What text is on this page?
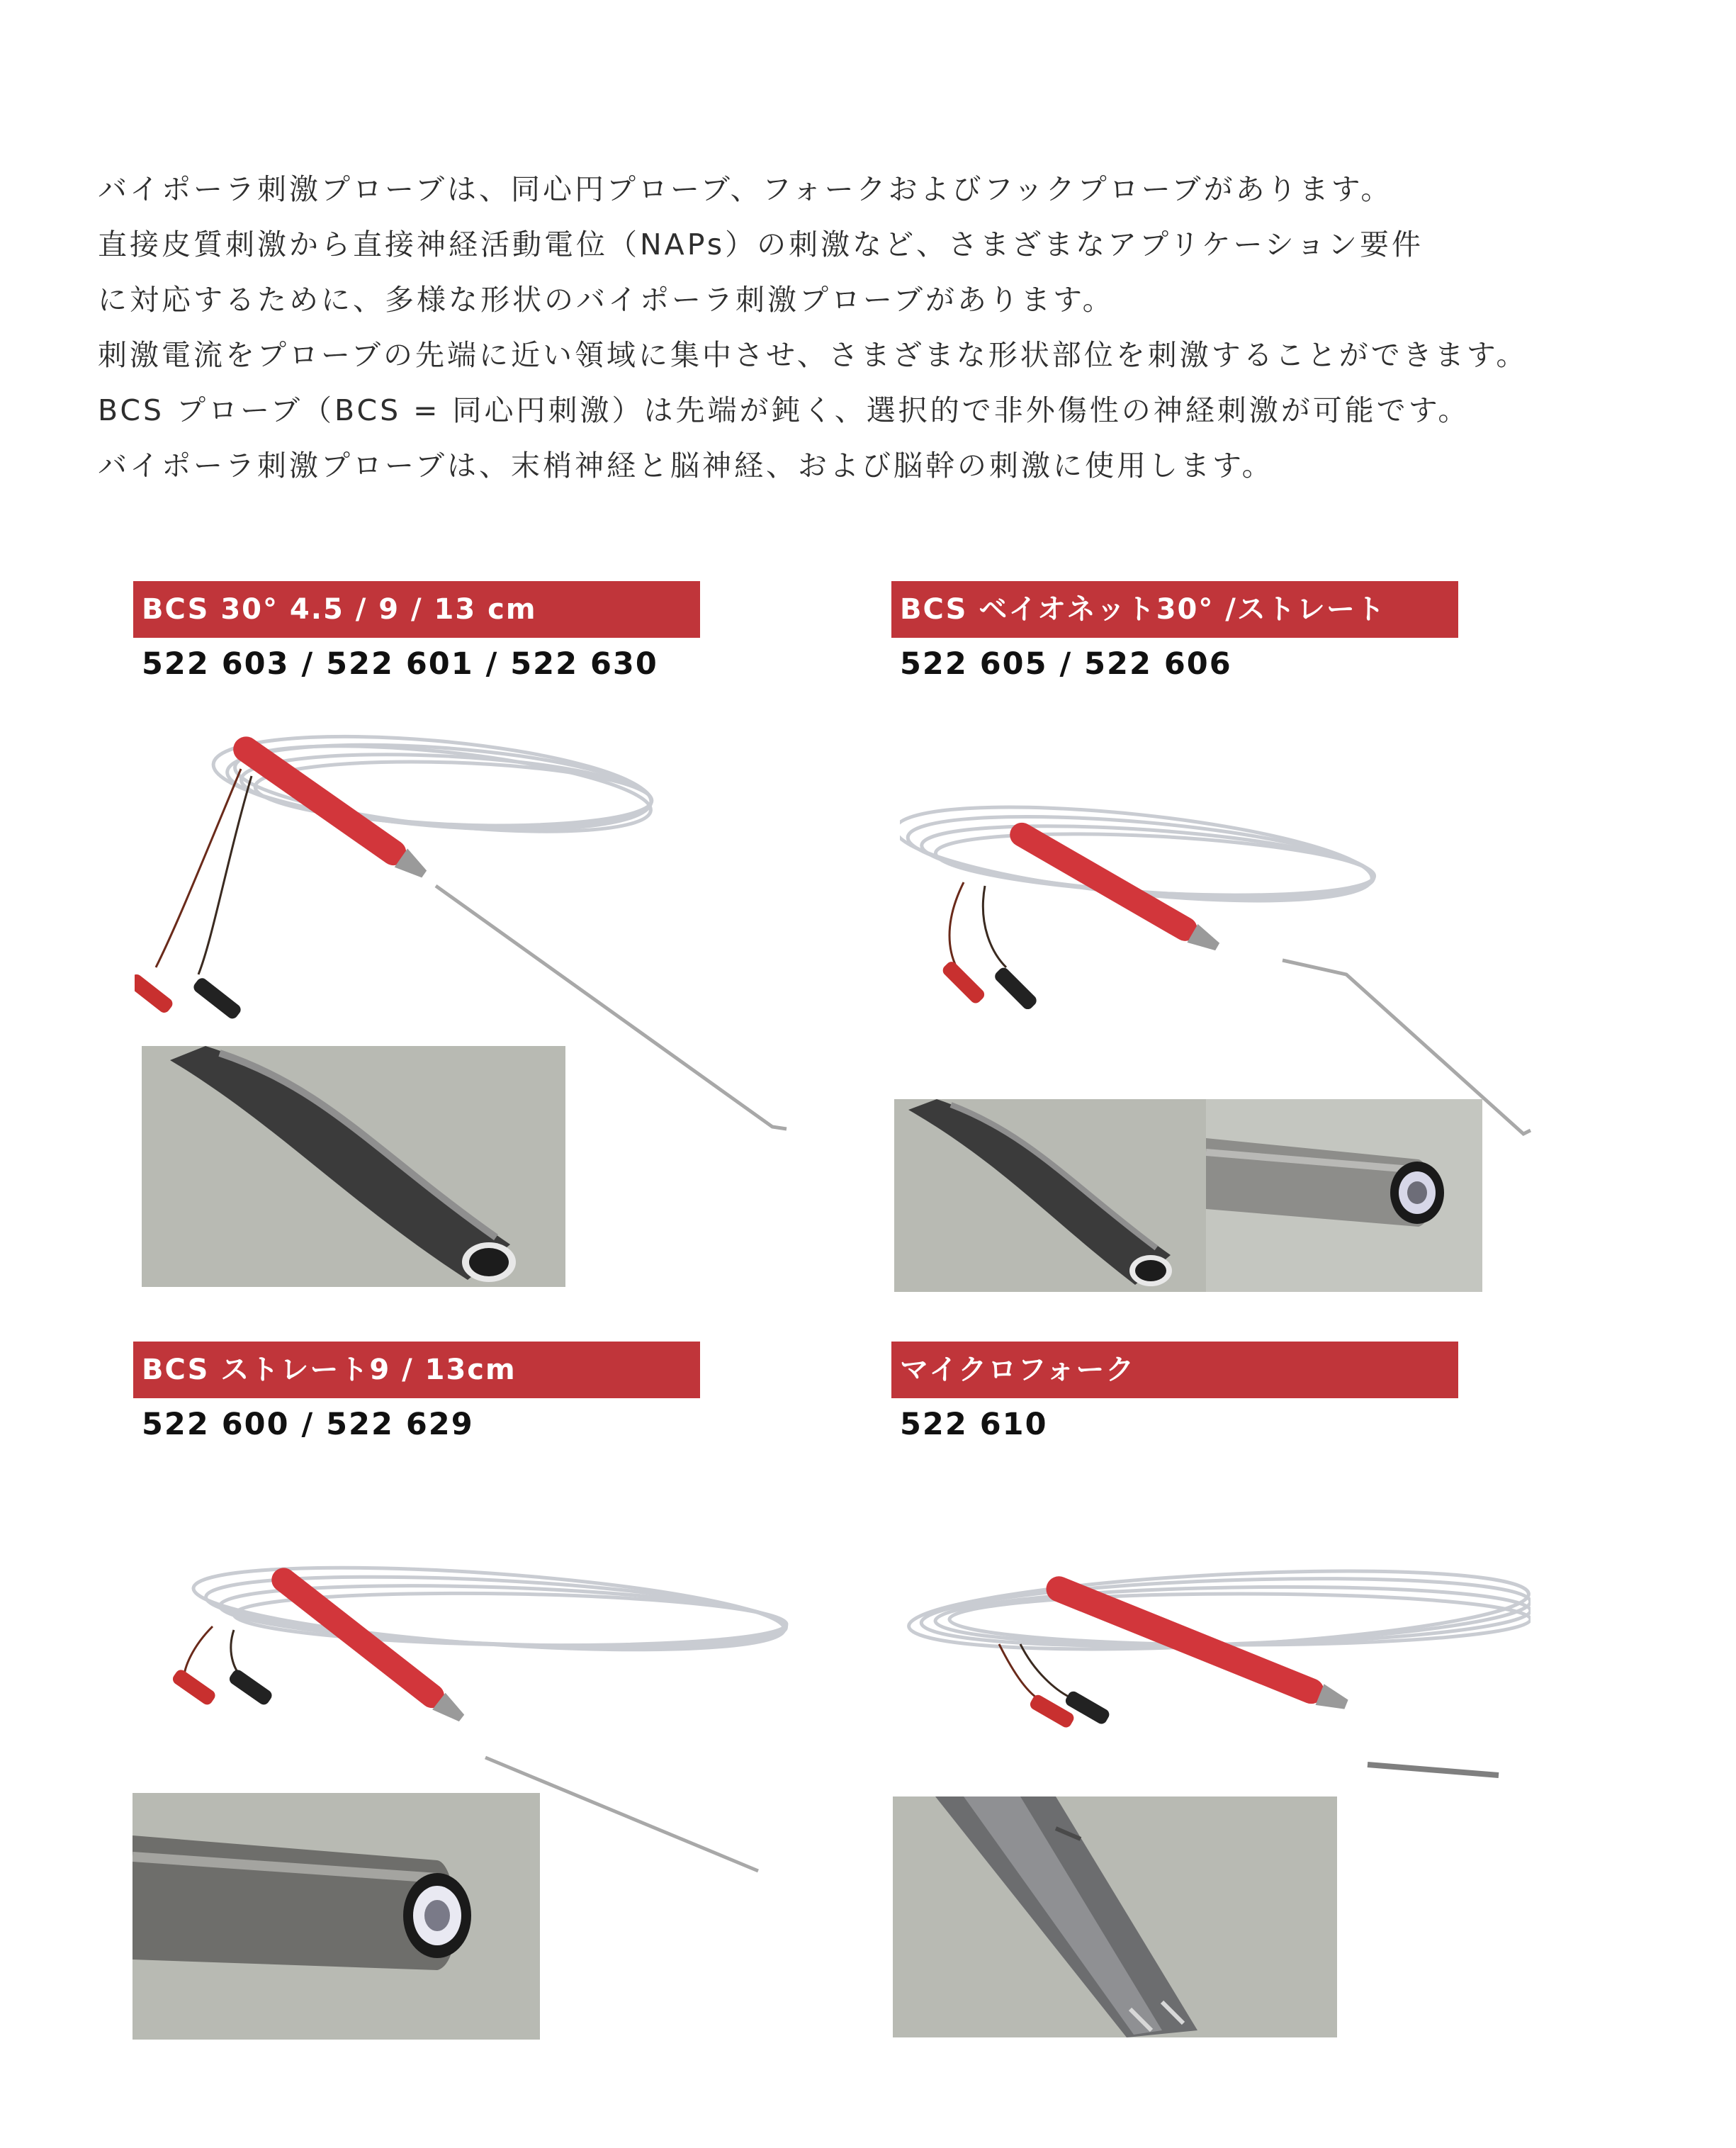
バイポーラ刺激プローブは、同心円プローブ、フォークおよびフックプローブがあります。

直接皮質刺激から直接神経活動電位（NAPs）の刺激など、さまざまなアプリケーション要件

に対応するために、多様な形状のバイポーラ刺激プローブがあります。

刺激電流をプローブの先端に近い領域に集中させ、さまざまな形状部位を刺激することができます。

BCS プローブ（BCS = 同心円刺激）は先端が鈍く、選択的で非外傷性の神経刺激が可能です。

バイポーラ刺激プローブは、末梢神経と脳神経、および脳幹の刺激に使用します。

BCS 30° 4.5 / 9 / 13 cm
522 603 / 522 601 / 522 630
BCS ベイオネット30° /ストレート
522 605 / 522 606
BCS ストレート9 / 13cm
522 600 / 522 629
マイクロフォーク
522 610
